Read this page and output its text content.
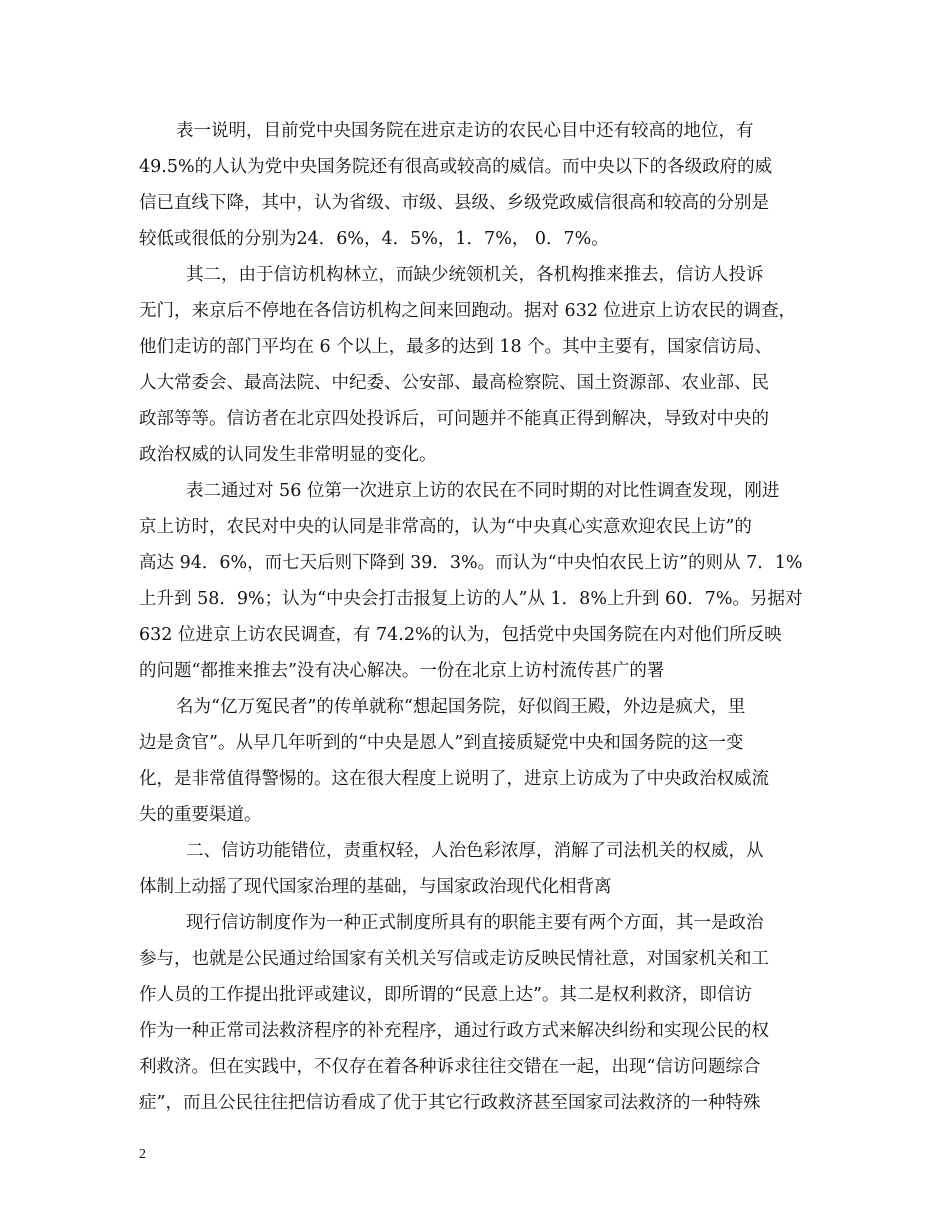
表一说明，目前党中央国务院在进京走访的农民心目中还有较高的地位，有
49.5%的人认为党中央国务院还有很高或较高的威信。而中央以下的各级政府的威
信已直线下降，其中，认为省级、市级、县级、乡级党政威信很高和较高的分别是
较低或很低的分别为24．6%，4．5%，1．7%， 0．7%。
其二，由于信访机构林立，而缺少统领机关，各机构推来推去，信访人投诉
无门，来京后不停地在各信访机构之间来回跑动。据对 632 位进京上访农民的调查，
他们走访的部门平均在 6 个以上，最多的达到 18 个。其中主要有，国家信访局、
人大常委会、最高法院、中纪委、公安部、最高检察院、国土资源部、农业部、民
政部等等。信访者在北京四处投诉后，可问题并不能真正得到解决，导致对中央的
政治权威的认同发生非常明显的变化。
表二通过对 56 位第一次进京上访的农民在不同时期的对比性调查发现，刚进
京上访时，农民对中央的认同是非常高的，认为“中央真心实意欢迎农民上访”的
高达 94．6%，而七天后则下降到 39．3%。而认为“中央怕农民上访”的则从 7．1%
上升到 58．9%；认为“中央会打击报复上访的人”从 1．8%上升到 60．7%。另据对
632 位进京上访农民调查，有 74.2%的认为，包括党中央国务院在内对他们所反映
的问题“都推来推去”没有决心解决。一份在北京上访村流传甚广的署
名为“亿万冤民者”的传单就称“想起国务院，好似阎王殿，外边是疯犬，里
边是贪官”。从早几年听到的“中央是恩人”到直接质疑党中央和国务院的这一变
化，是非常值得警惕的。这在很大程度上说明了，进京上访成为了中央政治权威流
失的重要渠道。
二、信访功能错位，责重权轻，人治色彩浓厚，消解了司法机关的权威，从
体制上动摇了现代国家治理的基础，与国家政治现代化相背离
现行信访制度作为一种正式制度所具有的职能主要有两个方面，其一是政治
参与，也就是公民通过给国家有关机关写信或走访反映民情社意，对国家机关和工
作人员的工作提出批评或建议，即所谓的“民意上达”。其二是权利救济，即信访
作为一种正常司法救济程序的补充程序，通过行政方式来解决纠纷和实现公民的权
利救济。但在实践中，不仅存在着各种诉求往往交错在一起，出现“信访问题综合
症”，而且公民往往把信访看成了优于其它行政救济甚至国家司法救济的一种特殊
2
